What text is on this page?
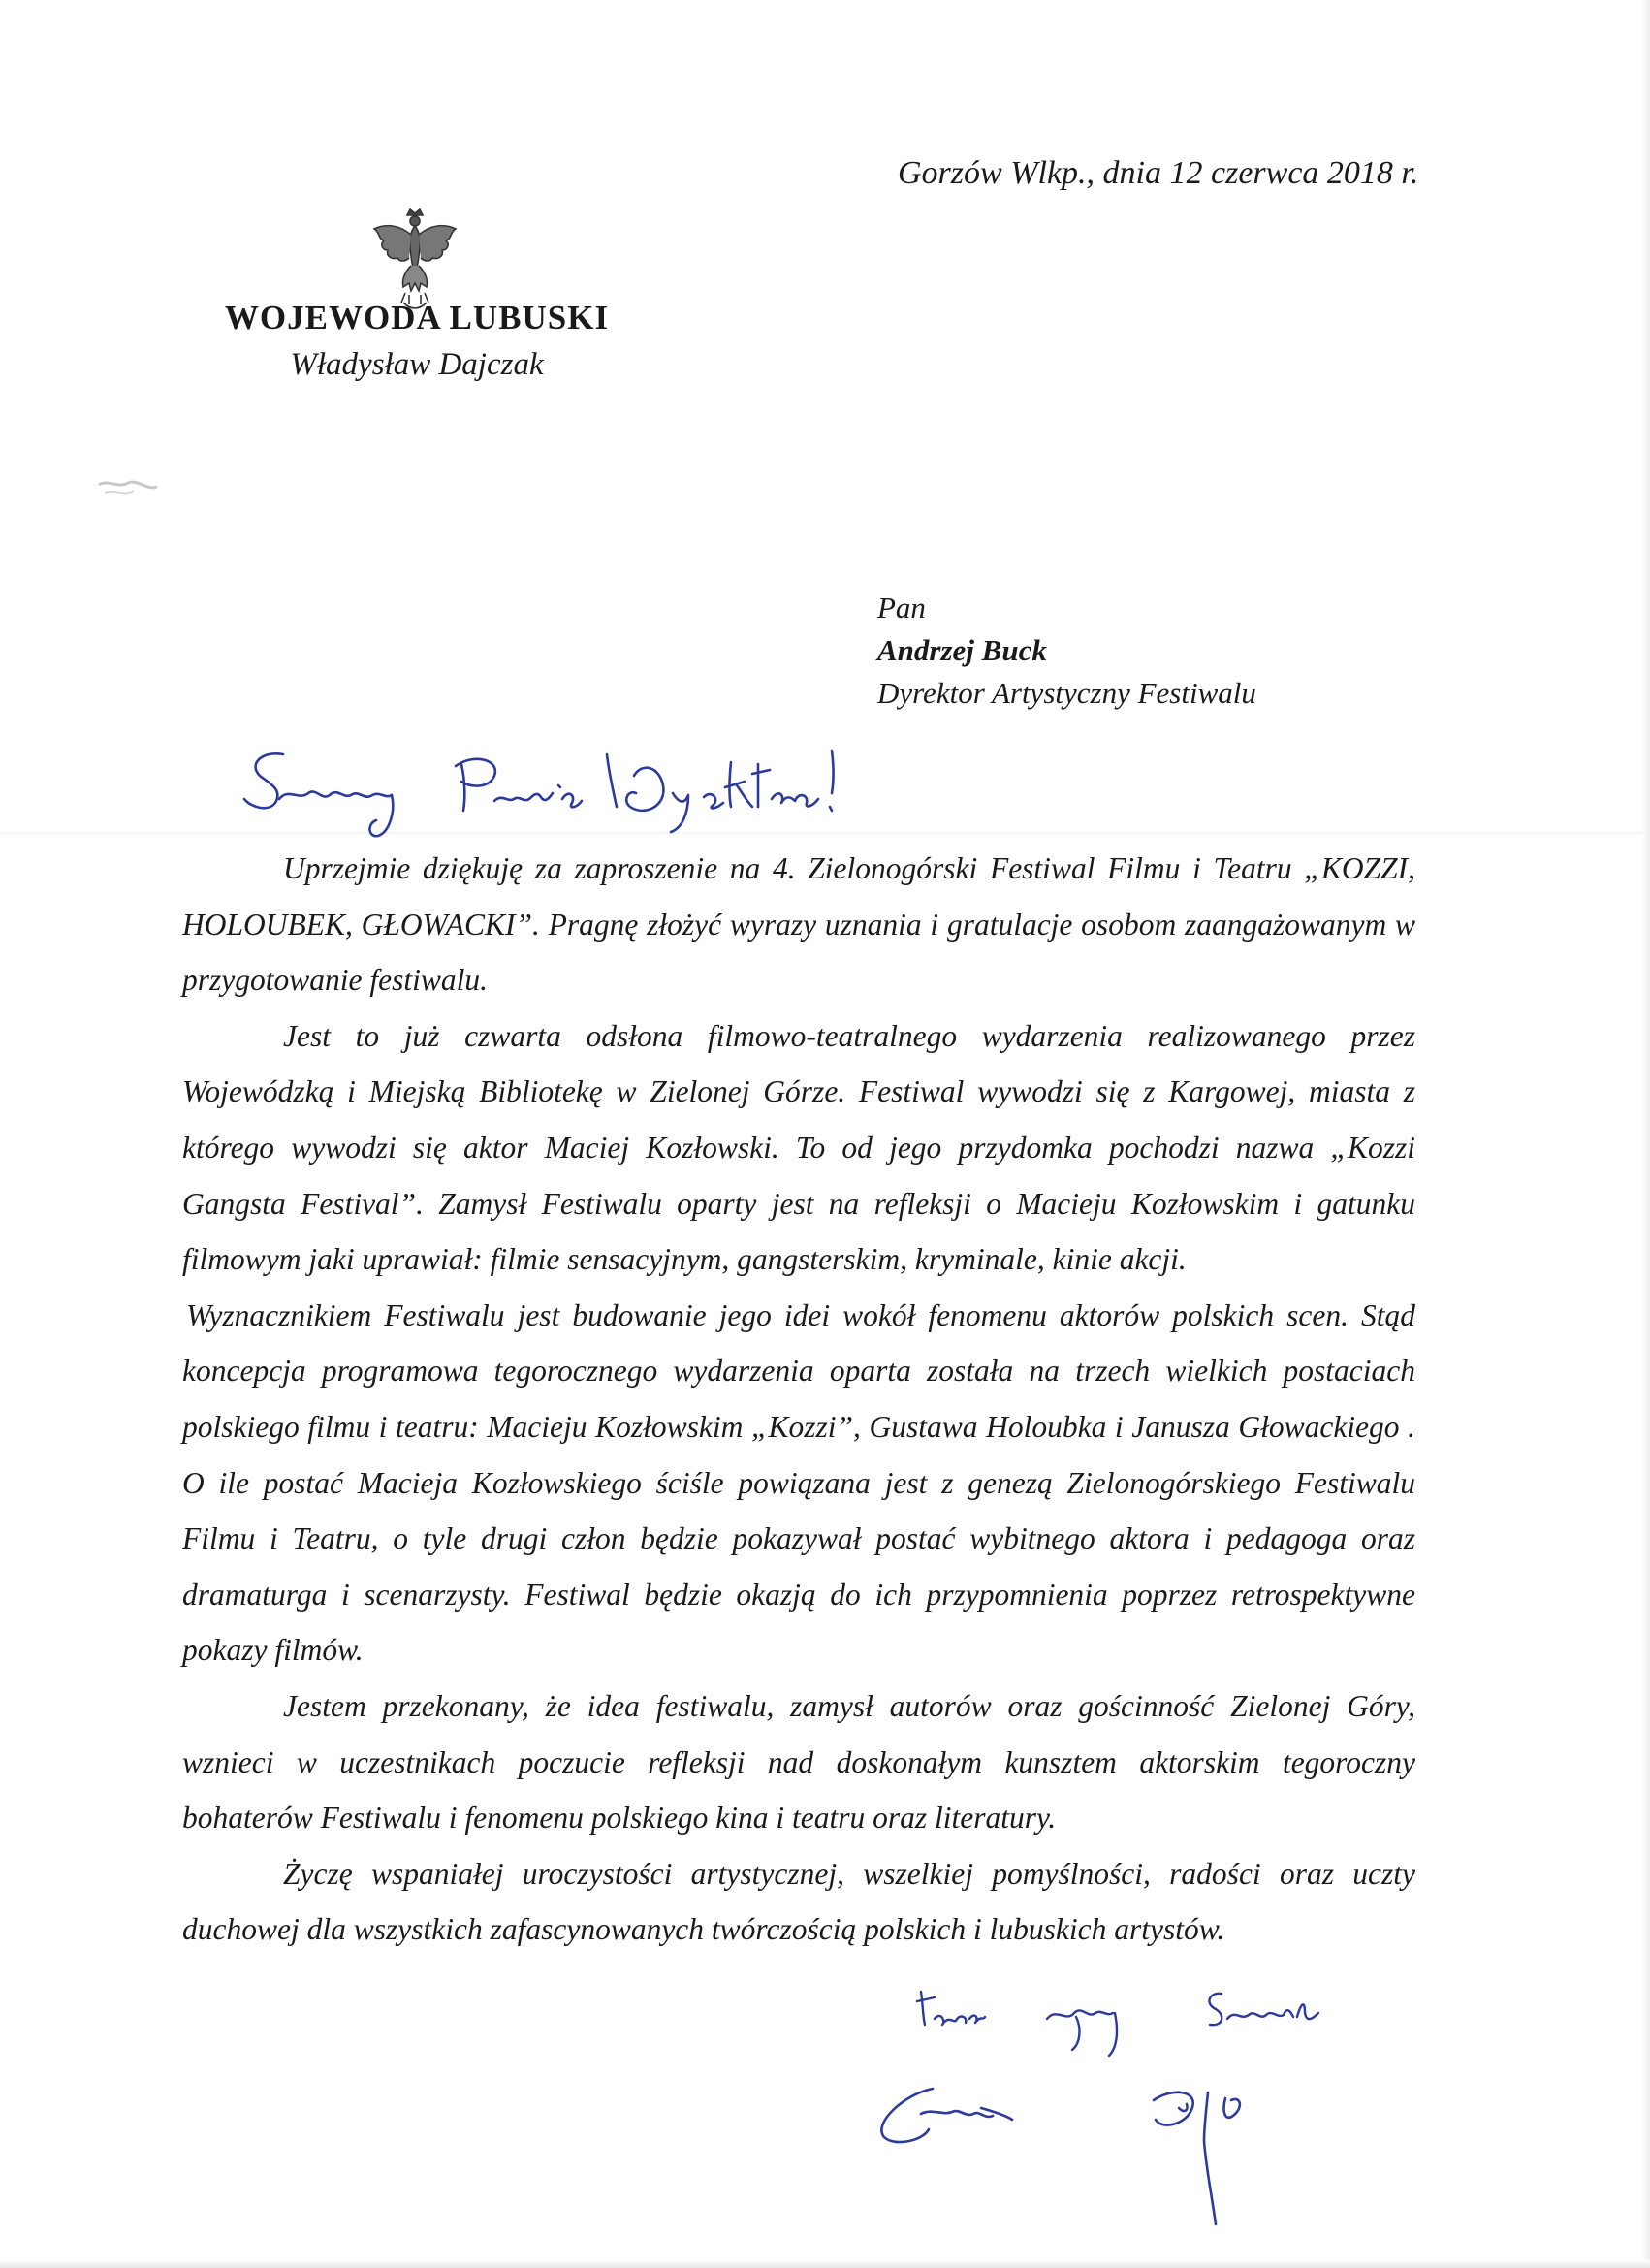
Gorzów Wlkp., dnia 12 czerwca 2018 r.
WOJEWODA LUBUSKI
Władysław Dajczak
Pan
Andrzej Buck
Dyrektor Artystyczny Festiwalu

Uprzejmie dziękuję za zaproszenie na 4. Zielonogórski Festiwal Filmu i Teatru „KOZZI, HOLOUBEK, GŁOWACKI”. Pragnę złożyć wyrazy uznania i gratulacje osobom zaangażowanym w przygotowanie festiwalu.

Jest to już czwarta odsłona filmowo-teatralnego wydarzenia realizowanego przez Wojewódzką i Miejską Bibliotekę w Zielonej Górze. Festiwal wywodzi się z Kargowej, miasta z którego wywodzi się aktor Maciej Kozłowski. To od jego przydomka pochodzi nazwa „Kozzi Gangsta Festival”. Zamysł Festiwalu oparty jest na refleksji o Macieju Kozłowskim i gatunku filmowym jaki uprawiał: filmie sensacyjnym, gangsterskim, kryminale, kinie akcji.

Wyznacznikiem Festiwalu jest budowanie jego idei wokół fenomenu aktorów polskich scen. Stąd koncepcja programowa tegorocznego wydarzenia oparta została na trzech wielkich postaciach polskiego filmu i teatru: Macieju Kozłowskim „Kozzi”, Gustawa Holoubka i Janusza Głowackiego . O ile postać Macieja Kozłowskiego ściśle powiązana jest z genezą Zielonogórskiego Festiwalu Filmu i Teatru, o tyle drugi człon będzie pokazywał postać wybitnego aktora i pedagoga oraz dramaturga i scenarzysty. Festiwal będzie okazją do ich przypomnienia poprzez retrospektywne pokazy filmów.

Jestem przekonany, że idea festiwalu, zamysł autorów oraz gościnność Zielonej Góry, wznieci w uczestnikach poczucie refleksji nad doskonałym kunsztem aktorskim tegoroczny bohaterów Festiwalu i fenomenu polskiego kina i teatru oraz literatury.

Życzę wspaniałej uroczystości artystycznej, wszelkiej pomyślności, radości oraz uczty duchowej dla wszystkich zafascynowanych twórczością polskich i lubuskich artystów.
